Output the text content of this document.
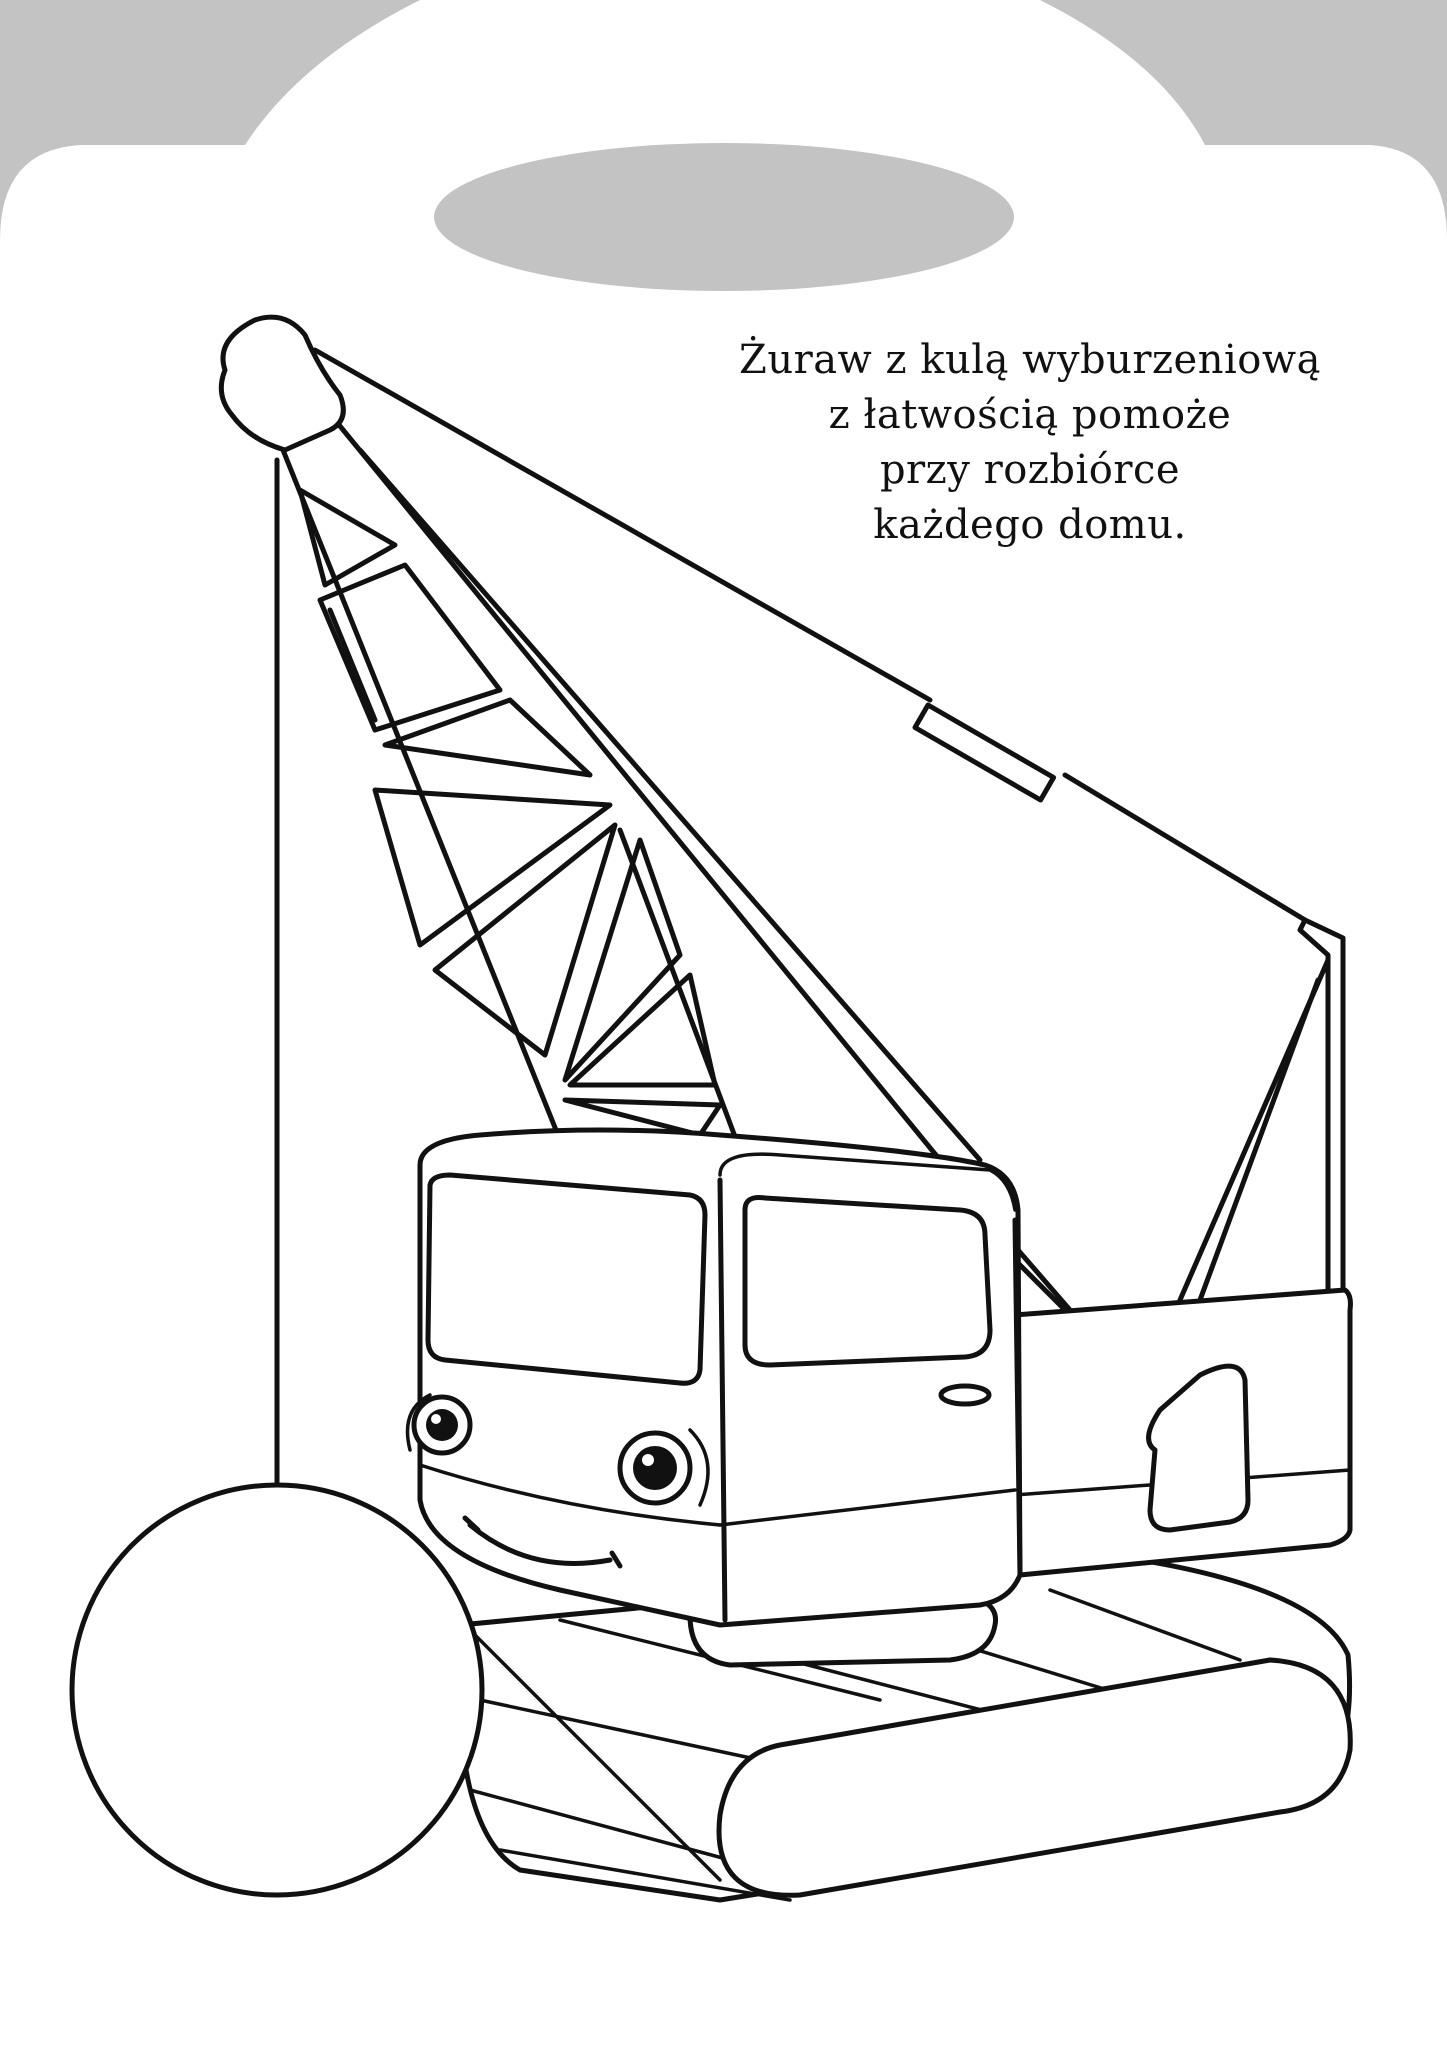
Żuraw z kulą wyburzeniową
z łatwością pomoże
przy rozbiórce
każdego domu.
